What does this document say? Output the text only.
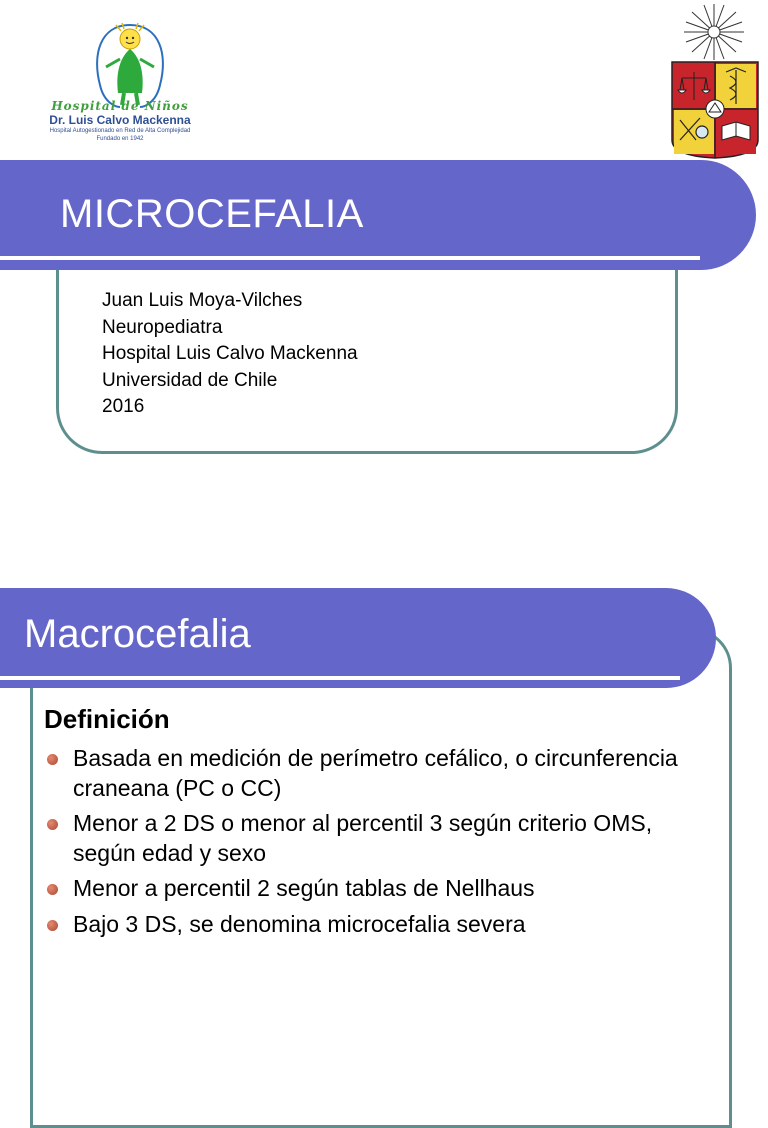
Hospital de Niños
Dr. Luis Calvo Mackenna
Hospital Autogestionado en Red de Alta Complejidad
Fundado en 1942
MICROCEFALIA
Juan Luis Moya-Vilches
Neuropediatra
Hospital Luis Calvo Mackenna
Universidad de Chile
2016
Macrocefalia
Definición
Basada en medición de perímetro cefálico, o circunferencia craneana (PC o CC)
Menor a 2 DS o menor al percentil 3 según criterio OMS, según edad y sexo
Menor a percentil 2 según tablas de Nellhaus
Bajo 3 DS, se denomina microcefalia severa
